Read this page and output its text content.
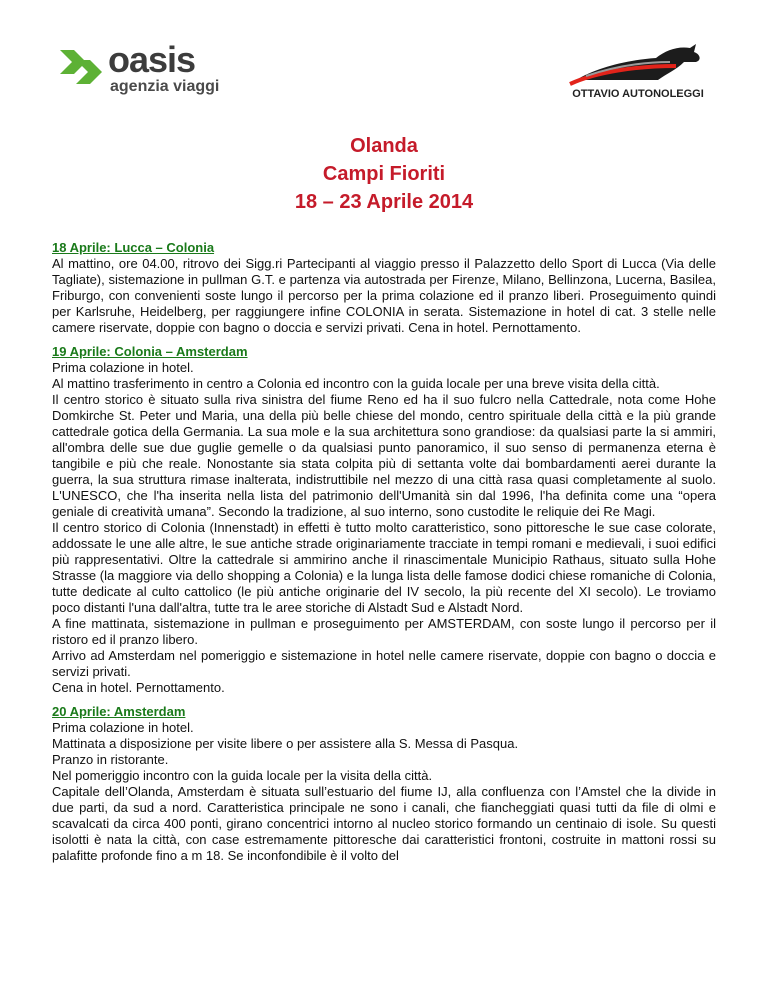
oasis
agenzia viaggi	OTTAVIO AUTONOLEGGI
Olanda
Campi Fioriti
18 – 23 Aprile 2014
18 Aprile: Lucca – Colonia

Al mattino, ore 04.00, ritrovo dei Sigg.ri Partecipanti al viaggio presso il Palazzetto dello Sport di Lucca (Via delle Tagliate), sistemazione in pullman G.T. e partenza via autostrada per Firenze, Milano, Bellinzona, Lucerna, Basilea, Friburgo, con convenienti soste lungo il percorso per la prima colazione ed il pranzo liberi. Proseguimento quindi per Karlsruhe, Heidelberg, per raggiungere infine COLONIA in serata. Sistemazione in hotel di cat. 3 stelle nelle camere riservate, doppie con bagno o doccia e servizi privati. Cena in hotel. Pernottamento.

19 Aprile: Colonia – Amsterdam

Prima colazione in hotel.

Al mattino trasferimento in centro a Colonia ed incontro con la guida locale per una breve visita della città.

Il centro storico è situato sulla riva sinistra del fiume Reno ed ha il suo fulcro nella Cattedrale, nota come Hohe Domkirche St. Peter und Maria, una della più belle chiese del mondo, centro spirituale della città e la più grande cattedrale gotica della Germania. La sua mole e la sua architettura sono grandiose: da qualsiasi parte la si ammiri, all'ombra delle sue due guglie gemelle o da qualsiasi punto panoramico, il suo senso di permanenza eterna è tangibile e più che reale. Nonostante sia stata colpita più di settanta volte dai bombardamenti aerei durante la guerra, la sua struttura rimase inalterata, indistruttibile nel mezzo di una città rasa quasi completamente al suolo. L'UNESCO, che l'ha inserita nella lista del patrimonio dell'Umanità sin dal 1996, l'ha definita come una “opera geniale di creatività umana”. Secondo la tradizione, al suo interno, sono custodite le reliquie dei Re Magi.

Il centro storico di Colonia (Innenstadt) in effetti è tutto molto caratteristico, sono pittoresche le sue case colorate, addossate le une alle altre, le sue antiche strade originariamente tracciate in tempi romani e medievali, i suoi edifici più rappresentativi. Oltre la cattedrale si ammirino anche il rinascimentale Municipio Rathaus, situato sulla Hohe Strasse (la maggiore via dello shopping a Colonia) e la lunga lista delle famose dodici chiese romaniche di Colonia, tutte dedicate al culto cattolico (le più antiche originarie del IV secolo, la più recente del XI secolo). Le troviamo poco distanti l'una dall'altra, tutte tra le aree storiche di Alstadt Sud e Alstadt Nord.

A fine mattinata, sistemazione in pullman e proseguimento per AMSTERDAM, con soste lungo il percorso per il ristoro ed il pranzo libero.

Arrivo ad Amsterdam nel pomeriggio e sistemazione in hotel nelle camere riservate, doppie con bagno o doccia e servizi privati.

Cena in hotel. Pernottamento.

20 Aprile: Amsterdam

Prima colazione in hotel.

Mattinata a disposizione per visite libere o per assistere alla S. Messa di Pasqua.

Pranzo in ristorante.

Nel pomeriggio incontro con la guida locale per la visita della città.

Capitale dell’Olanda, Amsterdam è situata sull’estuario del fiume IJ, alla confluenza con l’Amstel che la divide in due parti, da sud a nord. Caratteristica principale ne sono i canali, che fiancheggiati quasi tutti da file di olmi e scavalcati da circa 400 ponti, girano concentrici intorno al nucleo storico formando un centinaio di isole. Su questi isolotti è nata la città, con case estremamente pittoresche dai caratteristici frontoni, costruite in mattoni rossi su palafitte profonde fino a m 18. Se inconfondibile è il volto del
